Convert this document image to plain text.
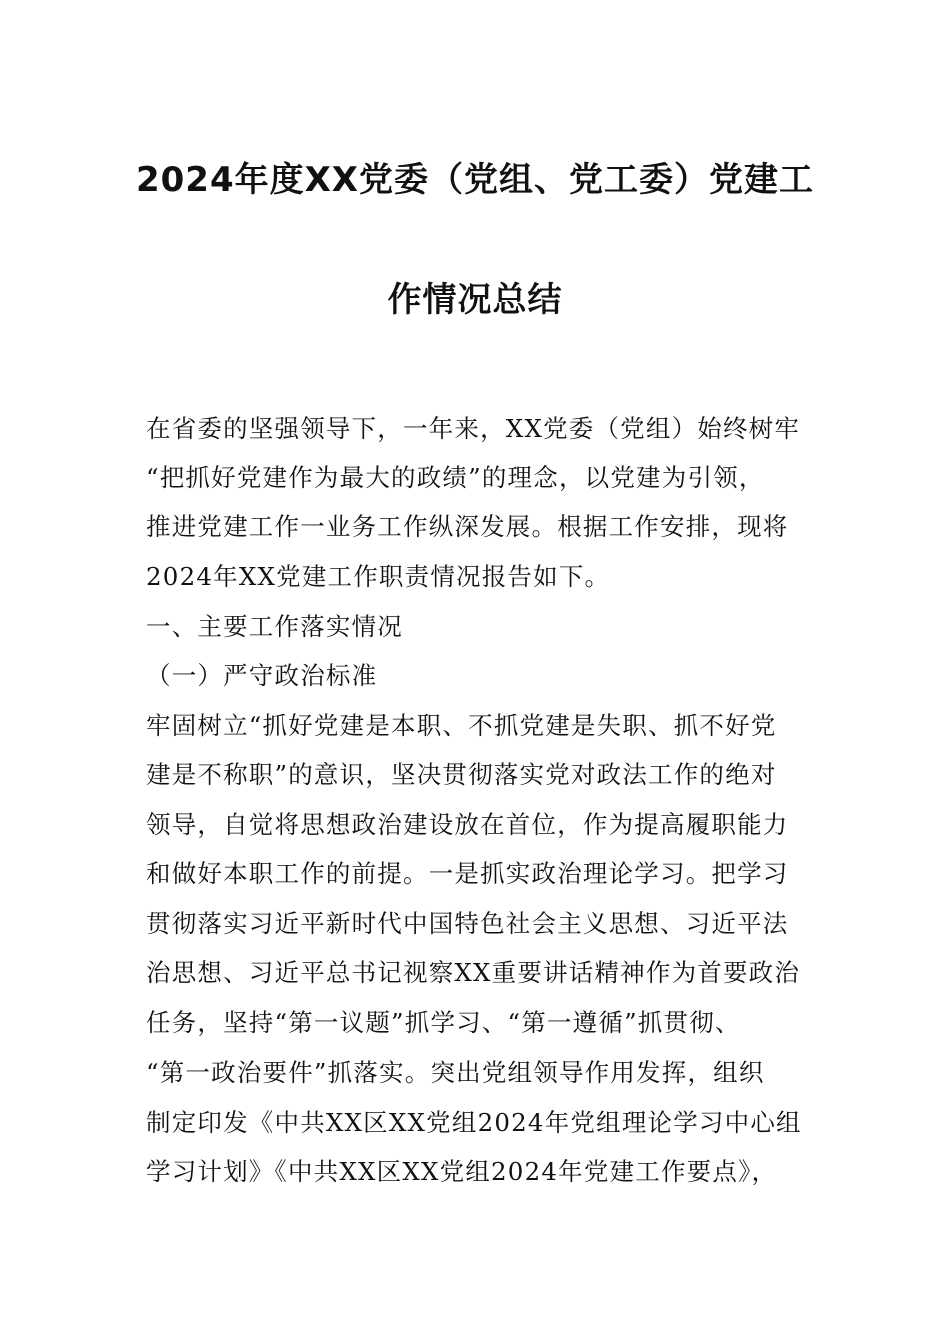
2024年度XX党委（党组、党工委）党建工
作情况总结
在省委的坚强领导下，一年来，XX党委（党组）始终树牢
“把抓好党建作为最大的政绩”的理念，以党建为引领，
推进党建工作一业务工作纵深发展。根据工作安排，现将
2024年XX党建工作职责情况报告如下。
一、主要工作落实情况
（一）严守政治标准
牢固树立“抓好党建是本职、不抓党建是失职、抓不好党
建是不称职”的意识，坚决贯彻落实党对政法工作的绝对
领导，自觉将思想政治建设放在首位，作为提高履职能力
和做好本职工作的前提。一是抓实政治理论学习。把学习
贯彻落实习近平新时代中国特色社会主义思想、习近平法
治思想、习近平总书记视察XX重要讲话精神作为首要政治
任务，坚持“第一议题”抓学习、“第一遵循”抓贯彻、
“第一政治要件”抓落实。突出党组领导作用发挥，组织
制定印发《中共XX区XX党组2024年党组理论学习中心组
学习计划》《中共XX区XX党组2024年党建工作要点》，
